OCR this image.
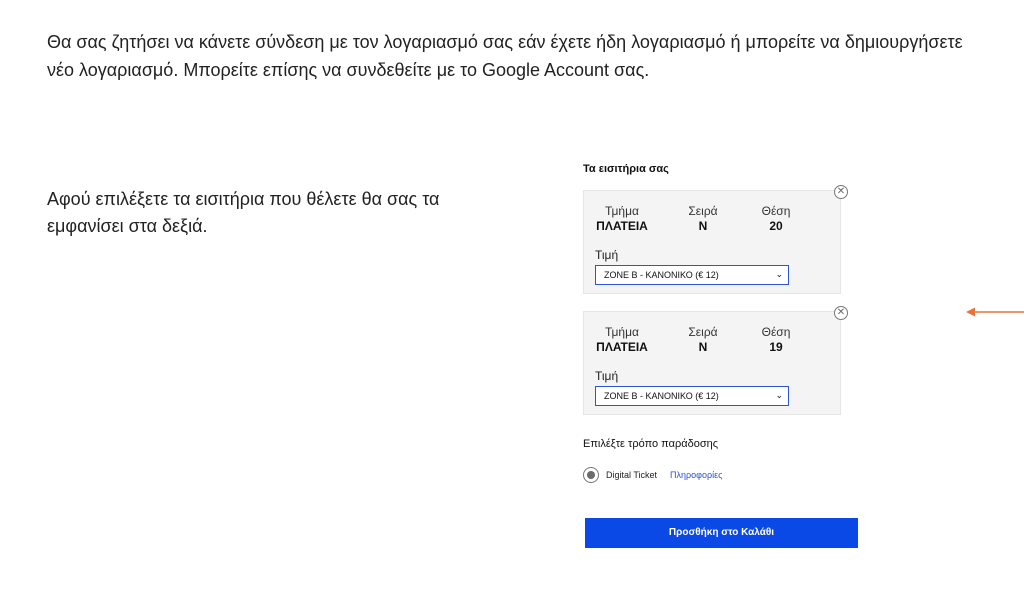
Θα σας ζητήσει να κάνετε σύνδεση με τον λογαριασμό σας εάν έχετε ήδη λογαριασμό ή μπορείτε να δημιουργήσετε νέο λογαριασμό. Μπορείτε επίσης να συνδεθείτε με το Google Account σας.
Αφού επιλέξετε τα εισιτήρια που θέλετε θα σας τα εμφανίσει στα δεξιά.
Τα εισιτήρια σας
✕
Τμήμα
ΠΛΑΤΕΙΑ
Σειρά
Ν
Θέση
20
Τιμή
ZONE B - ΚΑΝΟΝΙΚΟ (€ 12)	⌄
✕
Τμήμα
ΠΛΑΤΕΙΑ
Σειρά
Ν
Θέση
19
Τιμή
ZONE B - ΚΑΝΟΝΙΚΟ (€ 12)	⌄
Επιλέξτε τρόπο παράδοσης
Digital Ticket Πληροφορίες
Προσθήκη στο Καλάθι
